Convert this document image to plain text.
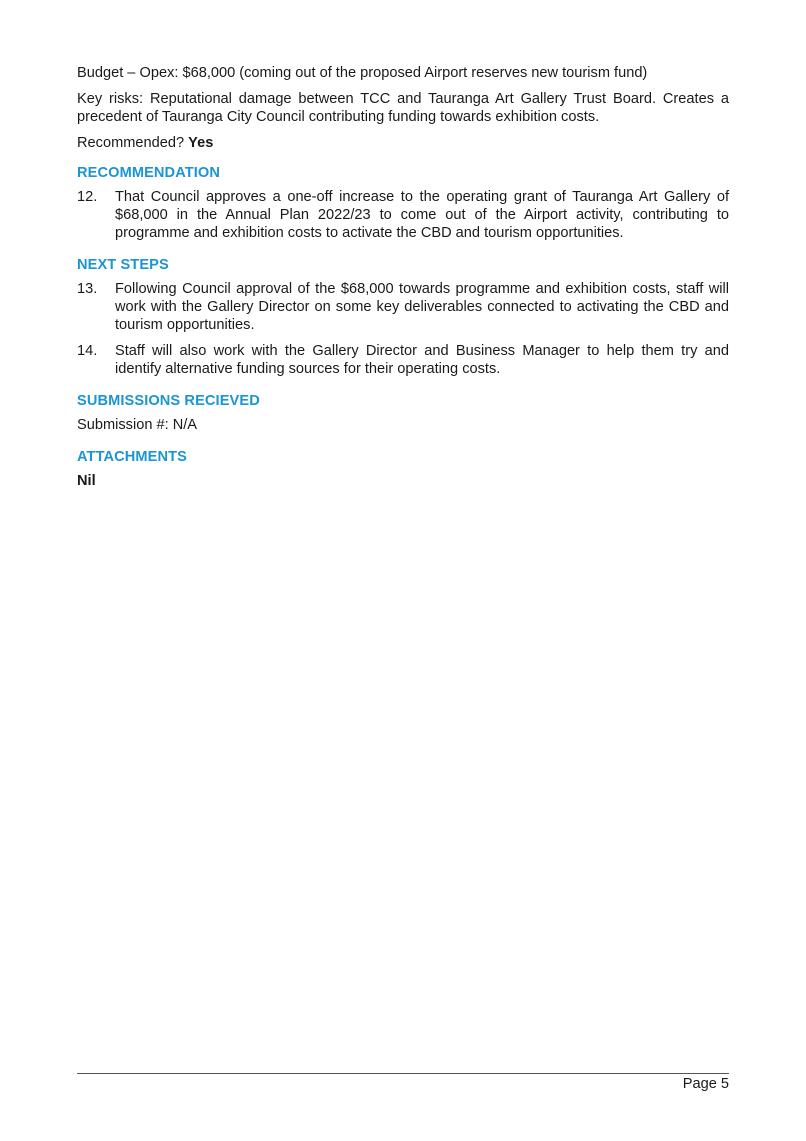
Budget – Opex: $68,000 (coming out of the proposed Airport reserves new tourism fund)

Key risks: Reputational damage between TCC and Tauranga Art Gallery Trust Board. Creates a precedent of Tauranga City Council contributing funding towards exhibition costs.

Recommended? Yes

RECOMMENDATION
12.	That Council approves a one-off increase to the operating grant of Tauranga Art Gallery of $68,000 in the Annual Plan 2022/23 to come out of the Airport activity, contributing to programme and exhibition costs to activate the CBD and tourism opportunities.
NEXT STEPS
13.	Following Council approval of the $68,000 towards programme and exhibition costs, staff will work with the Gallery Director on some key deliverables connected to activating the CBD and tourism opportunities.
14.	Staff will also work with the Gallery Director and Business Manager to help them try and identify alternative funding sources for their operating costs.
SUBMISSIONS RECIEVED

Submission #: N/A

ATTACHMENTS

Nil

Page 5
